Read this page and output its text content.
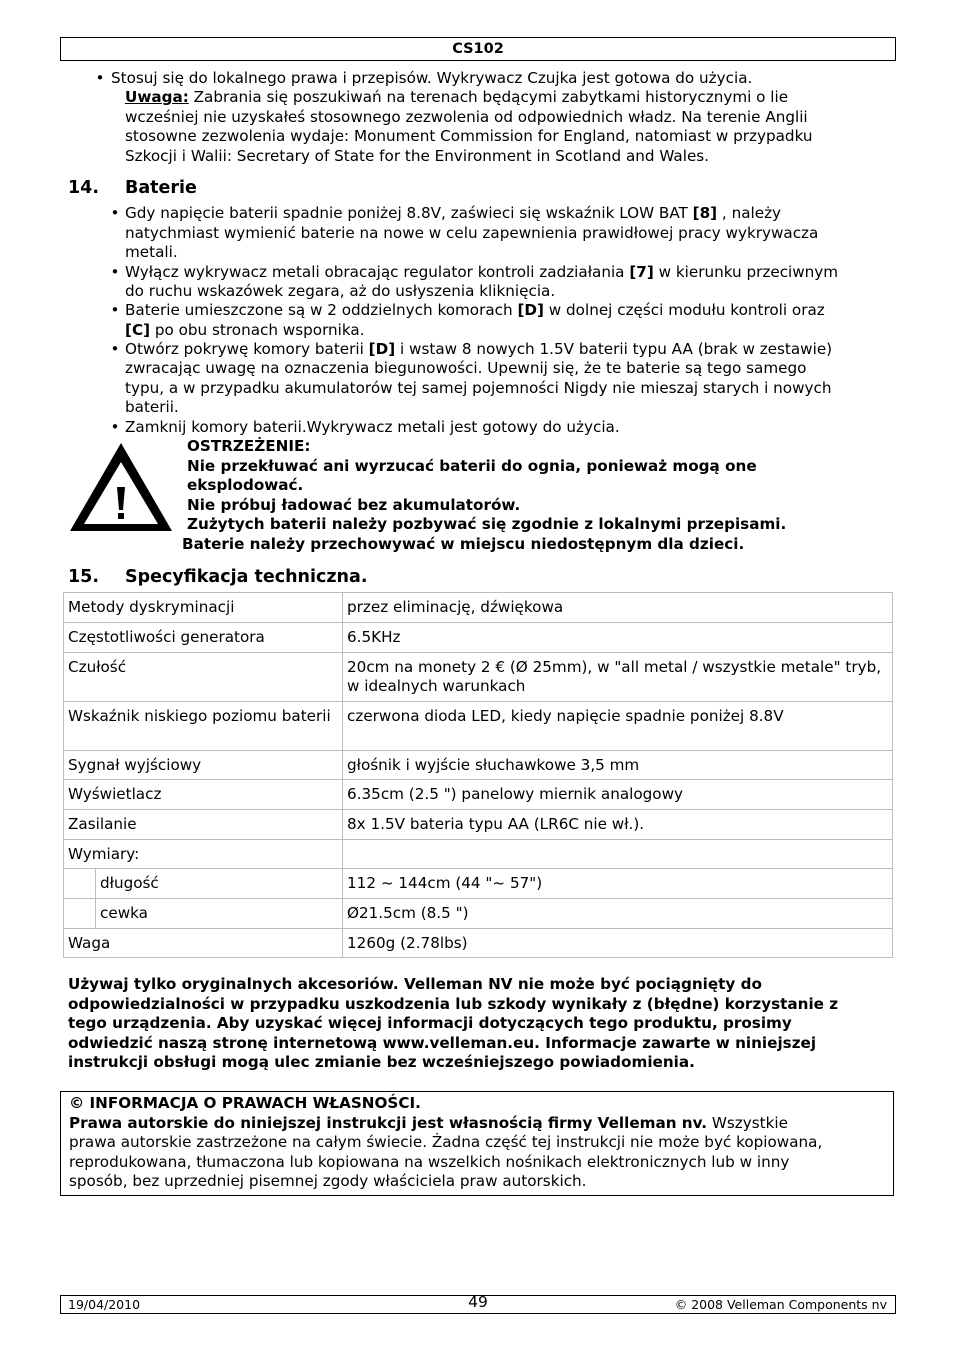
CS102
• Stosuj się do lokalnego prawa i przepisów. Wykrywacz Czujka jest gotowa do użycia.
Uwaga: Zabrania się poszukiwań na terenach będącymi zabytkami historycznymi o lie
wcześniej nie uzyskałeś stosownego zezwolenia od odpowiednich władz. Na terenie Anglii
stosowne zezwolenia wydaje: Monument Commission for England, natomiast w przypadku
Szkocji i Walii: Secretary of State for the Environment in Scotland and Wales.
14. Baterie
• Gdy napięcie baterii spadnie poniżej 8.8V, zaświeci się wskaźnik LOW BAT [8] , należy
natychmiast wymienić baterie na nowe w celu zapewnienia prawidłowej pracy wykrywacza
metali.
• Wyłącz wykrywacz metali obracając regulator kontroli zadziałania [7] w kierunku przeciwnym
do ruchu wskazówek zegara, aż do usłyszenia kliknięcia.
• Baterie umieszczone są w 2 oddzielnych komorach [D] w dolnej części modułu kontroli oraz
[C] po obu stronach wspornika.
• Otwórz pokrywę komory baterii [D] i wstaw 8 nowych 1.5V baterii typu AA (brak w zestawie)
zwracając uwagę na oznaczenia biegunowości. Upewnij się, że te baterie są tego samego
typu, a w przypadku akumulatorów tej samej pojemności Nigdy nie mieszaj starych i nowych
baterii.
• Zamknij komory baterii.Wykrywacz metali jest gotowy do użycia.
OSTRZEŻENIE:
Nie przekłuwać ani wyrzucać baterii do ognia, ponieważ mogą one
eksplodować.
Nie próbuj ładować bez akumulatorów.
Zużytych baterii należy pozbywać się zgodnie z lokalnymi przepisami.
Baterie należy przechowywać w miejscu niedostępnym dla dzieci.
15. Specyfikacja techniczna.
Metody dyskryminacji		przez eliminację, dźwiękowa
Częstotliwości generatora		6.5KHz
Czułość		20cm na monety 2 € (Ø 25mm), w "all metal / wszystkie metale" tryb, w idealnych warunkach
Wskaźnik niskiego poziomu baterii		czerwona dioda LED, kiedy napięcie spadnie poniżej 8.8V
Sygnał wyjściowy		głośnik i wyjście słuchawkowe 3,5 mm
Wyświetlacz		6.35cm (2.5 ") panelowy miernik analogowy
Zasilanie		8x 1.5V bateria typu AA (LR6C nie wł.).
Wymiary:		
	długość	112 ~ 144cm (44 "~ 57")
	cewka	Ø21.5cm (8.5 ")
Waga		1260g (2.78lbs)
Używaj tylko oryginalnych akcesoriów. Velleman NV nie może być pociągnięty do
odpowiedzialności w przypadku uszkodzenia lub szkody wynikały z (błędne) korzystanie z
tego urządzenia. Aby uzyskać więcej informacji dotyczących tego produktu, prosimy
odwiedzić naszą stronę internetową www.velleman.eu. Informacje zawarte w niniejszej
instrukcji obsługi mogą ulec zmianie bez wcześniejszego powiadomienia.
© INFORMACJA O PRAWACH WŁASNOŚCI.
Prawa autorskie do niniejszej instrukcji jest własnością firmy Velleman nv. Wszystkie
prawa autorskie zastrzeżone na całym świecie. Żadna część tej instrukcji nie może być kopiowana,
reprodukowana, tłumaczona lub kopiowana na wszelkich nośnikach elektronicznych lub w inny
sposób, bez uprzedniej pisemnej zgody właściciela praw autorskich.
49
19/04/2010	© 2008 Velleman Components nv
